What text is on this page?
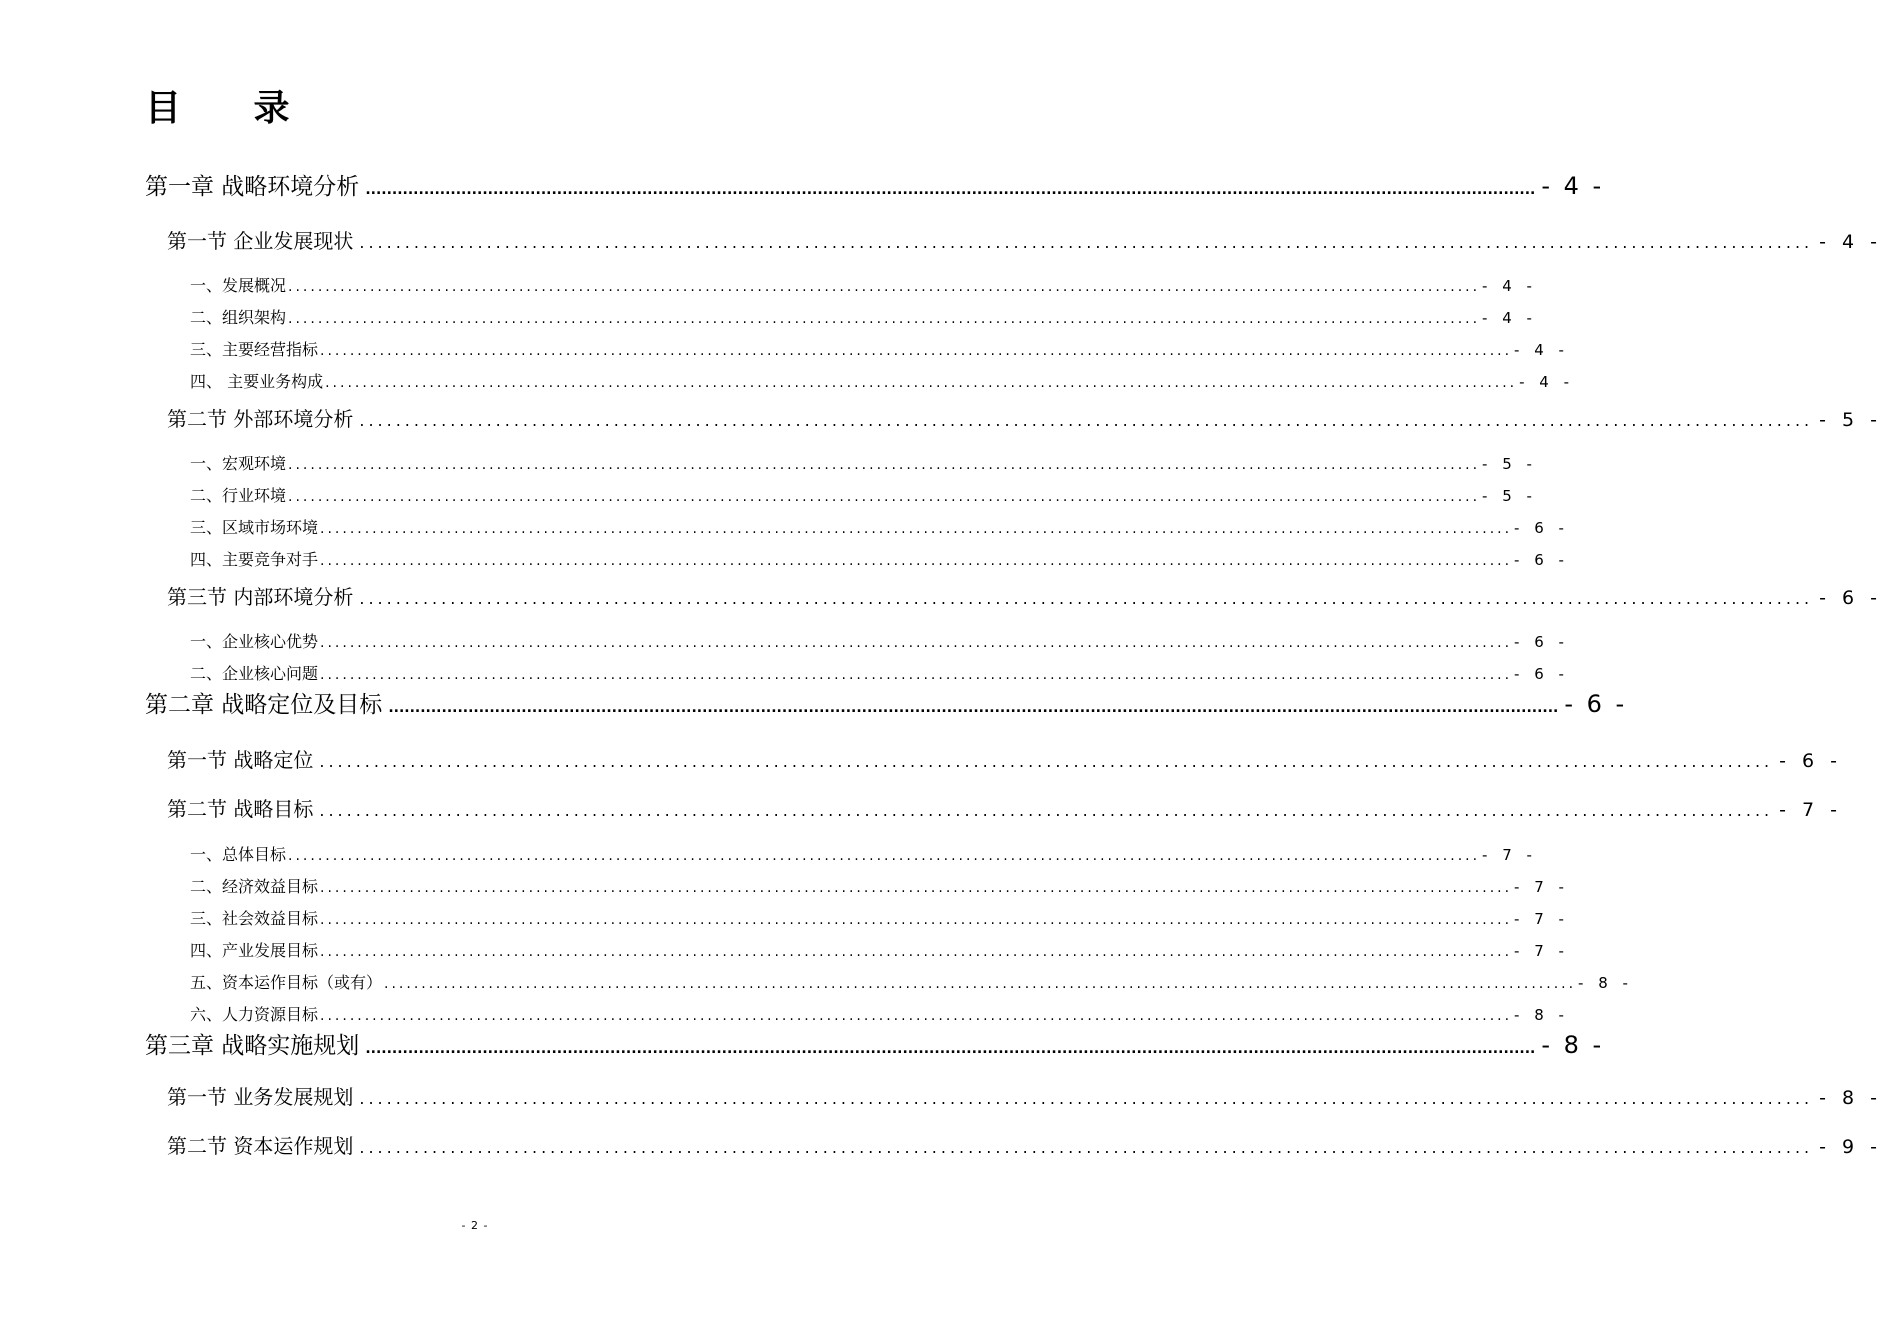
目 录
第一章 战略环境分析 ............................................................................................................................................................................................................................ - 4 -
第一节 企业发展现状 ................................................................................................................................................................ - 4 -
一、发展概况 ................................................................................................................................................................ - 4 -
二、组织架构 ................................................................................................................................................................ - 4 -
三、主要经营指标 ................................................................................................................................................................ - 4 -
四、 主要业务构成 ................................................................................................................................................................ - 4 -
第二节 外部环境分析 ................................................................................................................................................................ - 5 -
一、宏观环境 ................................................................................................................................................................ - 5 -
二、行业环境 ................................................................................................................................................................ - 5 -
三、区域市场环境 ................................................................................................................................................................ - 6 -
四、主要竞争对手 ................................................................................................................................................................ - 6 -
第三节 内部环境分析 ................................................................................................................................................................ - 6 -
一、企业核心优势 ................................................................................................................................................................ - 6 -
二、企业核心问题 ................................................................................................................................................................ - 6 -
第二章 战略定位及目标 ............................................................................................................................................................................................................................ - 6 -
第一节 战略定位 ................................................................................................................................................................ - 6 -
第二节 战略目标 ................................................................................................................................................................ - 7 -
一、总体目标 ................................................................................................................................................................ - 7 -
二、经济效益目标 ................................................................................................................................................................ - 7 -
三、社会效益目标 ................................................................................................................................................................ - 7 -
四、产业发展目标 ................................................................................................................................................................ - 7 -
五、资本运作目标（或有） ................................................................................................................................................................ - 8 -
六、人力资源目标 ................................................................................................................................................................ - 8 -
第三章 战略实施规划 ............................................................................................................................................................................................................................ - 8 -
第一节 业务发展规划 ................................................................................................................................................................ - 8 -
第二节 资本运作规划 ................................................................................................................................................................ - 9 -
- 2 -
